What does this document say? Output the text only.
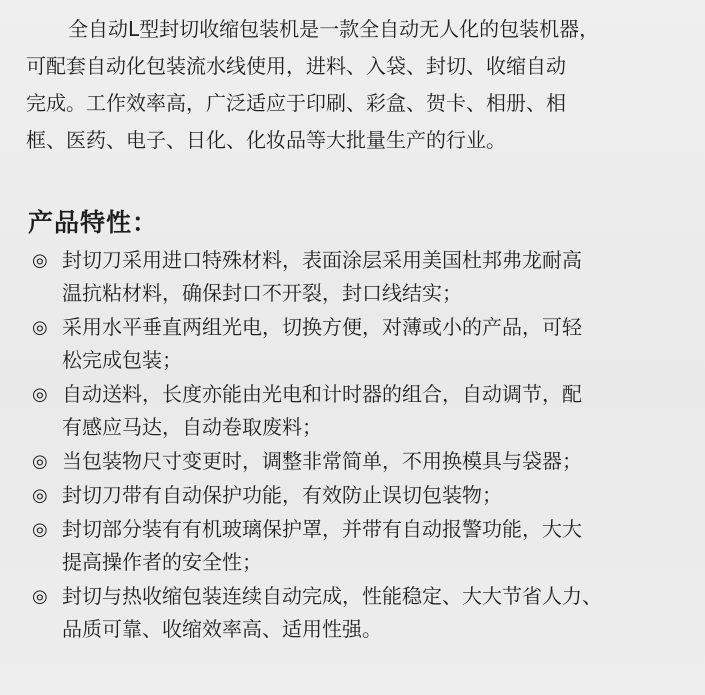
全自动L型封切收缩包装机是一款全自动无人化的包装机器，
可配套自动化包装流水线使用，进料、入袋、封切、收缩自动
完成。工作效率高，广泛适应于印刷、彩盒、贺卡、相册、相
框、医药、电子、日化、化妆品等大批量生产的行业。

产品特性：
◎ 封切刀采用进口特殊材料，表面涂层采用美国杜邦弗龙耐高
温抗粘材料，确保封口不开裂，封口线结实；
◎ 采用水平垂直两组光电，切换方便，对薄或小的产品，可轻
松完成包装；
◎ 自动送料，长度亦能由光电和计时器的组合，自动调节，配
有感应马达，自动卷取废料；
◎ 当包装物尺寸变更时，调整非常简单，不用换模具与袋器；
◎ 封切刀带有自动保护功能，有效防止误切包装物；
◎ 封切部分装有有机玻璃保护罩，并带有自动报警功能，大大
提高操作者的安全性；
◎ 封切与热收缩包装连续自动完成，性能稳定、大大节省人力、
品质可靠、收缩效率高、适用性强。
